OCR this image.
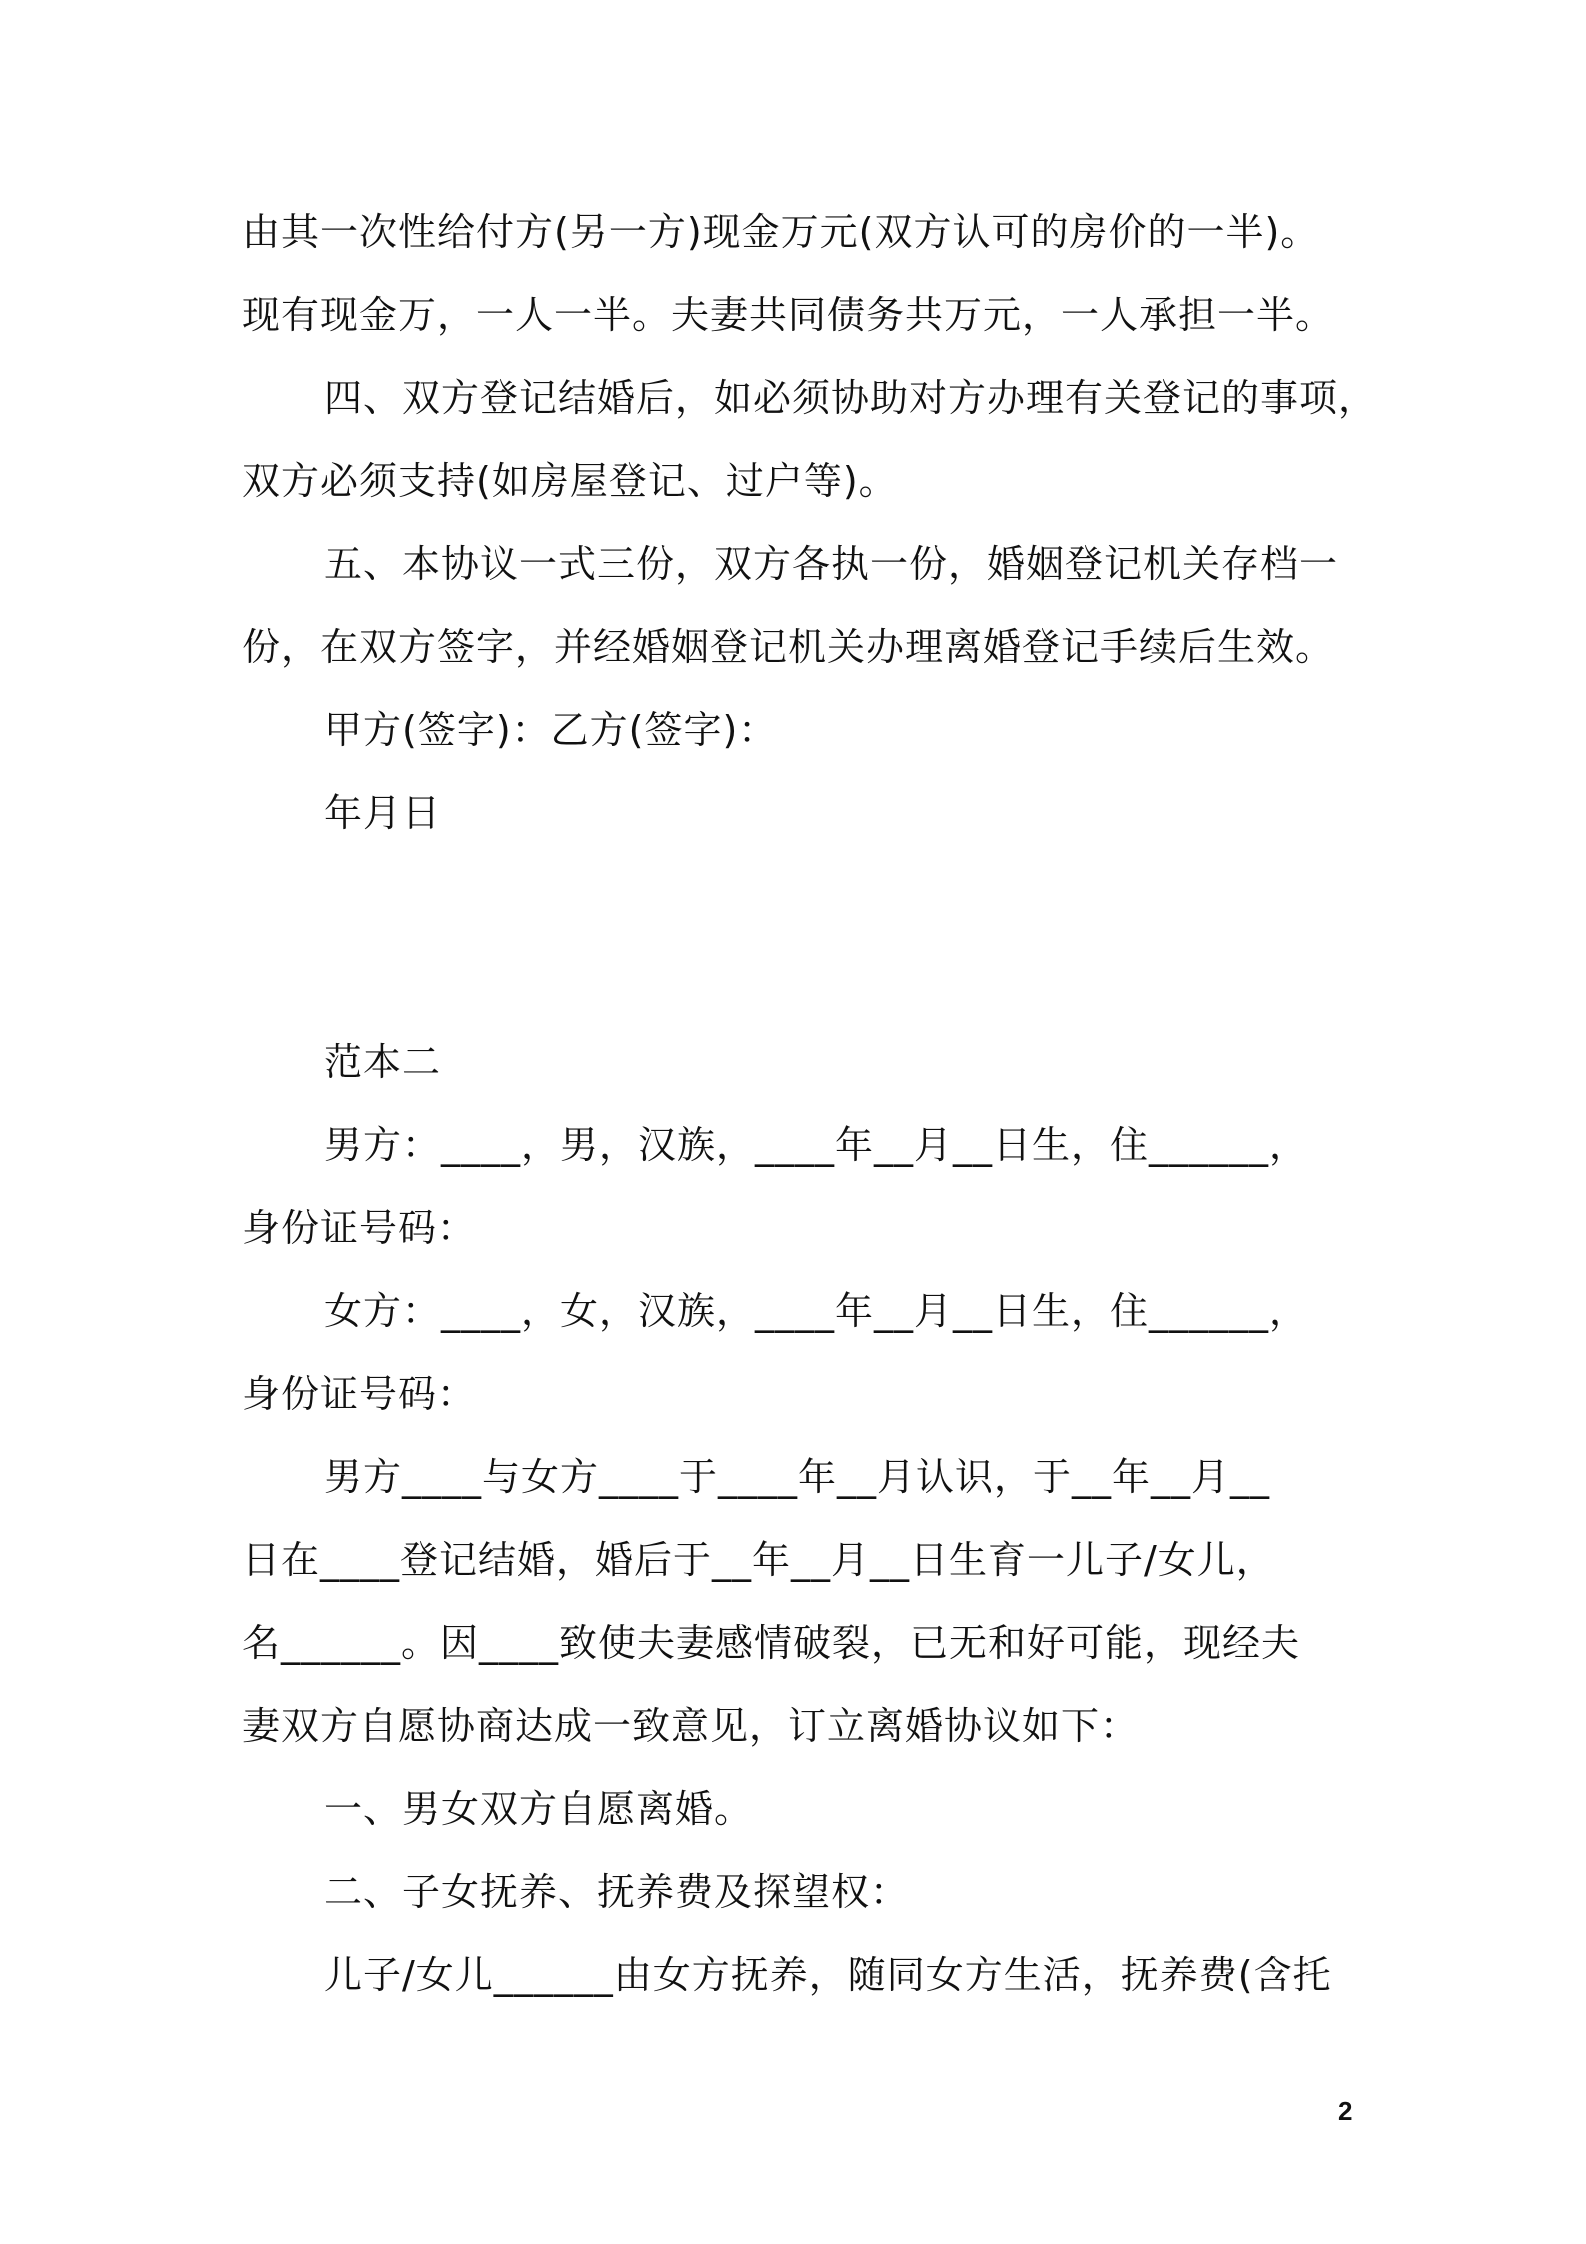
由其一次性给付方(另一方)现金万元(双方认可的房价的一半)。
现有现金万，一人一半。夫妻共同债务共万元，一人承担一半。
四、双方登记结婚后，如必须协助对方办理有关登记的事项，
双方必须支持(如房屋登记、过户等)。
五、本协议一式三份，双方各执一份，婚姻登记机关存档一
份，在双方签字，并经婚姻登记机关办理离婚登记手续后生效。
甲方(签字)：乙方(签字)：
年月日
范本二
男方：____，男，汉族，____年__月__日生，住______，
身份证号码：
女方：____，女，汉族，____年__月__日生，住______，
身份证号码：
男方____与女方____于____年__月认识，于__年__月__
日在____登记结婚，婚后于__年__月__日生育一儿子/女儿，
名______。因____致使夫妻感情破裂，已无和好可能，现经夫
妻双方自愿协商达成一致意见，订立离婚协议如下：
一、男女双方自愿离婚。
二、子女抚养、抚养费及探望权：
儿子/女儿______由女方抚养，随同女方生活，抚养费(含托
2
